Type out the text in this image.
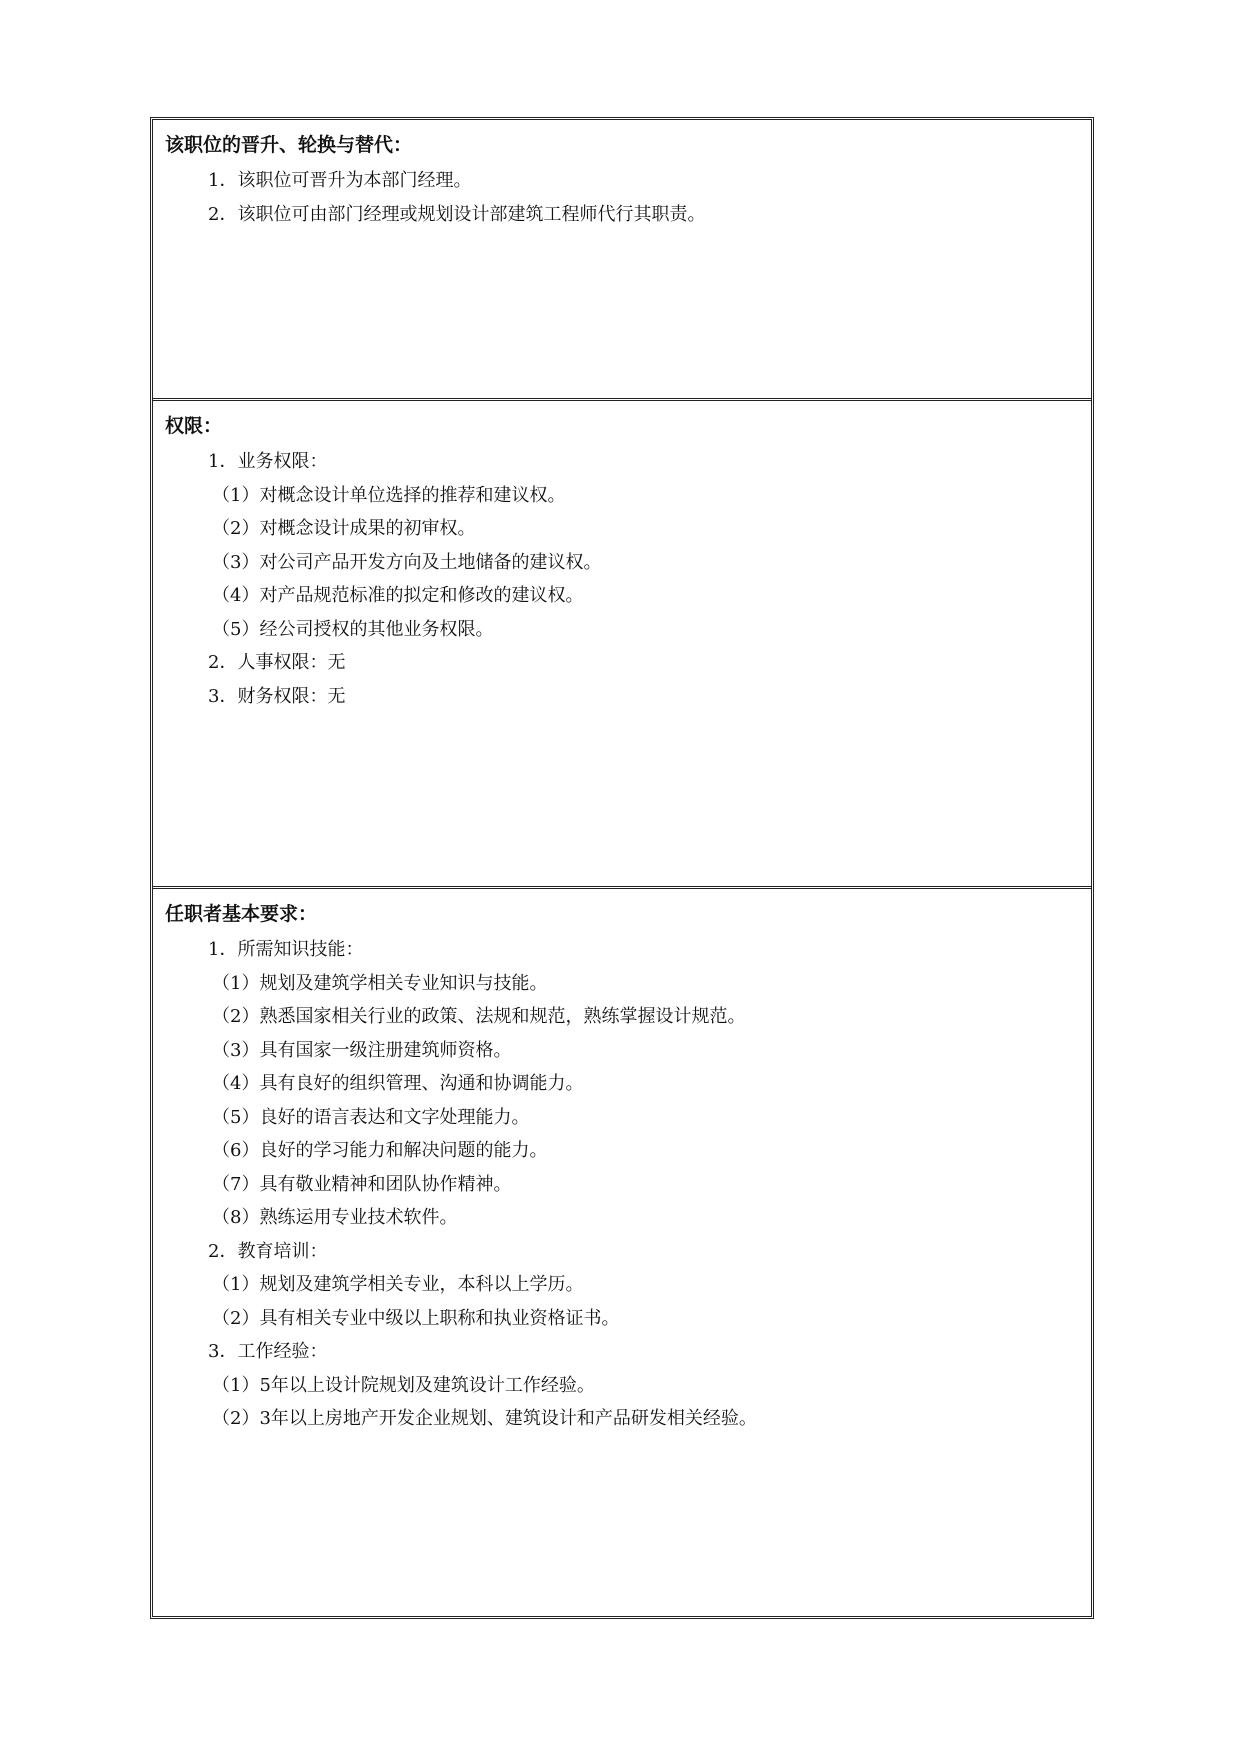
该职位的晋升、轮换与替代：
1．该职位可晋升为本部门经理。
2．该职位可由部门经理或规划设计部建筑工程师代行其职责。
权限：
1．业务权限：
（1）对概念设计单位选择的推荐和建议权。
（2）对概念设计成果的初审权。
（3）对公司产品开发方向及土地储备的建议权。
（4）对产品规范标准的拟定和修改的建议权。
（5）经公司授权的其他业务权限。
2．人事权限：无
3．财务权限：无
任职者基本要求：
1．所需知识技能：
（1）规划及建筑学相关专业知识与技能。
（2）熟悉国家相关行业的政策、法规和规范，熟练掌握设计规范。
（3）具有国家一级注册建筑师资格。
（4）具有良好的组织管理、沟通和协调能力。
（5）良好的语言表达和文字处理能力。
（6）良好的学习能力和解决问题的能力。
（7）具有敬业精神和团队协作精神。
（8）熟练运用专业技术软件。
2．教育培训：
（1）规划及建筑学相关专业，本科以上学历。
（2）具有相关专业中级以上职称和执业资格证书。
3．工作经验：
（1）5年以上设计院规划及建筑设计工作经验。
（2）3年以上房地产开发企业规划、建筑设计和产品研发相关经验。
